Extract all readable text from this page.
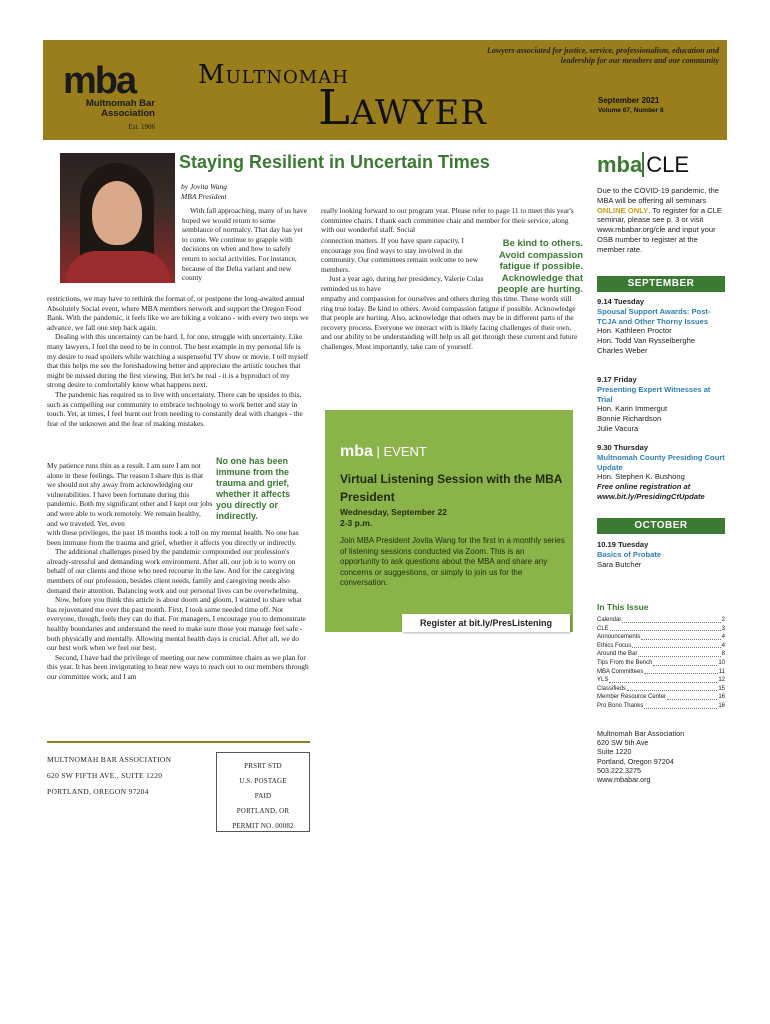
mba
Multnomah Bar
Association
Est. 1906
Multnomah
Lawyer
Lawyers associated for justice, service, professionalism, education and leadership for our members and our community
September 2021
Volume 67, Number 8
Staying Resilient in Uncertain Times
by Jovita Wang
MBA President
With fall approaching, many of us have hoped we would return to some semblance of normalcy. That day has yet to come. We continue to grapple with decisions on when and how to safely return to social activities. For instance, because of the Delta variant and new county

restrictions, we may have to rethink the format of, or postpone the long-awaited annual Absolutely Social event, where MBA members network and support the Oregon Food Bank. With the pandemic, it feels like we are hiking a volcano - with every two steps we advance, we fall one step back again.

Dealing with this uncertainty can be hard. I, for one, struggle with uncertainty. Like many lawyers, I feel the need to be in control. The best example in my personal life is my desire to read spoilers while watching a suspenseful TV show or movie. I tell myself that this helps me see the foreshadowing better and appreciate the artistic touches that might be missed during the first viewing. But let's be real - it is a byproduct of my strong desire to comfortably know what happens next.

The pandemic has required us to live with uncertainty. There can be upsides to this, such as compelling our community to embrace technology to work better and stay in touch. Yet, at times, I feel burnt out from needing to constantly deal with changes - the fear of the unknown and the fear of making mistakes.

My patience runs thin as a result. I am sure I am not alone in these feelings. The reason I share this is that we should not shy away from acknowledging our vulnerabilities. I have been fortunate during this pandemic. Both my significant other and I kept our jobs and were able to work remotely. We remain healthy, and we traveled. Yet, even
No one has been immune from the trauma and grief, whether it affects you directly or indirectly.

with these privileges, the past 18 months took a toll on my mental health. No one has been immune from the trauma and grief, whether it affects you directly or indirectly.

The additional challenges posed by the pandemic compounded our profession's already-stressful and demanding work environment. After all, our job is to worry on behalf of our clients and those who need recourse in the law. And for the caregiving members of our profession, besides client needs, family and caregiving needs also demand their attention. Balancing work and our personal lives can be overwhelming.

Now, before you think this article is about doom and gloom, I wanted to share what has rejuvenated me over the past month. First, I took some needed time off. Not everyone, though, feels they can do that. For managers, I encourage you to demonstrate healthy boundaries and understand the need to make sure those you manage feel safe - both physically and mentally. Allowing mental health days is crucial. After all, we do our best work when we feel our best.

Second, I have had the privilege of meeting our new committee chairs as we plan for this year. It has been invigorating to hear new ways to reach out to our members through our committee work, and I am

really looking forward to our program year. Please refer to page 11 to meet this year's committee chairs. I thank each committee chair and member for their service, along with our wonderful staff. Social

connection matters. If you have spare capacity, I encourage you find ways to stay involved in the community. Our committees remain welcome to new members.

Just a year ago, during her presidency, Valerie Colas reminded us to have

Be kind to others. Avoid compassion fatigue if possible. Acknowledge that people are hurting.
empathy and compassion for ourselves and others during this time. Those words still ring true today. Be kind to others. Avoid compassion fatigue if possible. Acknowledge that people are hurting. Also, acknowledge that others may be in different parts of the recovery process. Everyone we interact with is likely facing challenges of their own, and our ability to be understanding will help us all get through these current and future challenges. Most importantly, take care of yourself.
MULTNOMAH BAR ASSOCIATION
620 SW FIFTH AVE., SUITE 1220
PORTLAND, OREGON 97204
PRSRT STD
U.S. POSTAGE
PAID
PORTLAND, OR
PERMIT NO. 00082
mba | EVENT
Virtual Listening Session with the MBA President
Wednesday, September 22
2-3 p.m.
Join MBA President Jovita Wang for the first in a monthly series of listening sessions conducted via Zoom. This is an opportunity to ask questions about the MBA and share any concerns or suggestions, or simply to join us for the conversation.
Register at bit.ly/PresListening
mba CLE
Due to the COVID-19 pandemic, the MBA will be offering all seminars ONLINE ONLY. To register for a CLE seminar, please see p. 3 or visit www.mbabar.org/cle and input your OSB number to register at the member rate.
SEPTEMBER
9.14 Tuesday
Spousal Support Awards: Post-TCJA and Other Thorny Issues
Hon. Kathleen Proctor
Hon. Todd Van Rysselberghe
Charles Weber
9.17 Friday
Presenting Expert Witnesses at Trial
Hon. Karin Immergut
Bonnie Richardson
Julie Vacura
9.30 Thursday
Multnomah County Presiding Court Update
Hon. Stephen K. Bushong
Free online registration at www.bit.ly/PresidingCtUpdate
OCTOBER
10.19 Tuesday
Basics of Probate
Sara Butcher
In This Issue
Calendar	2
CLE	3
Announcements	4
Ethics Focus	4
Around the Bar	8
Tips From the Bench	10
MBA Committees	11
YLS	12
Classifieds	15
Member Resource Center	16
Pro Bono Thanks	16
Multnomah Bar Association
620 SW 5th Ave
Suite 1220
Portland, Oregon 97204
503.222.3275
www.mbabar.org
